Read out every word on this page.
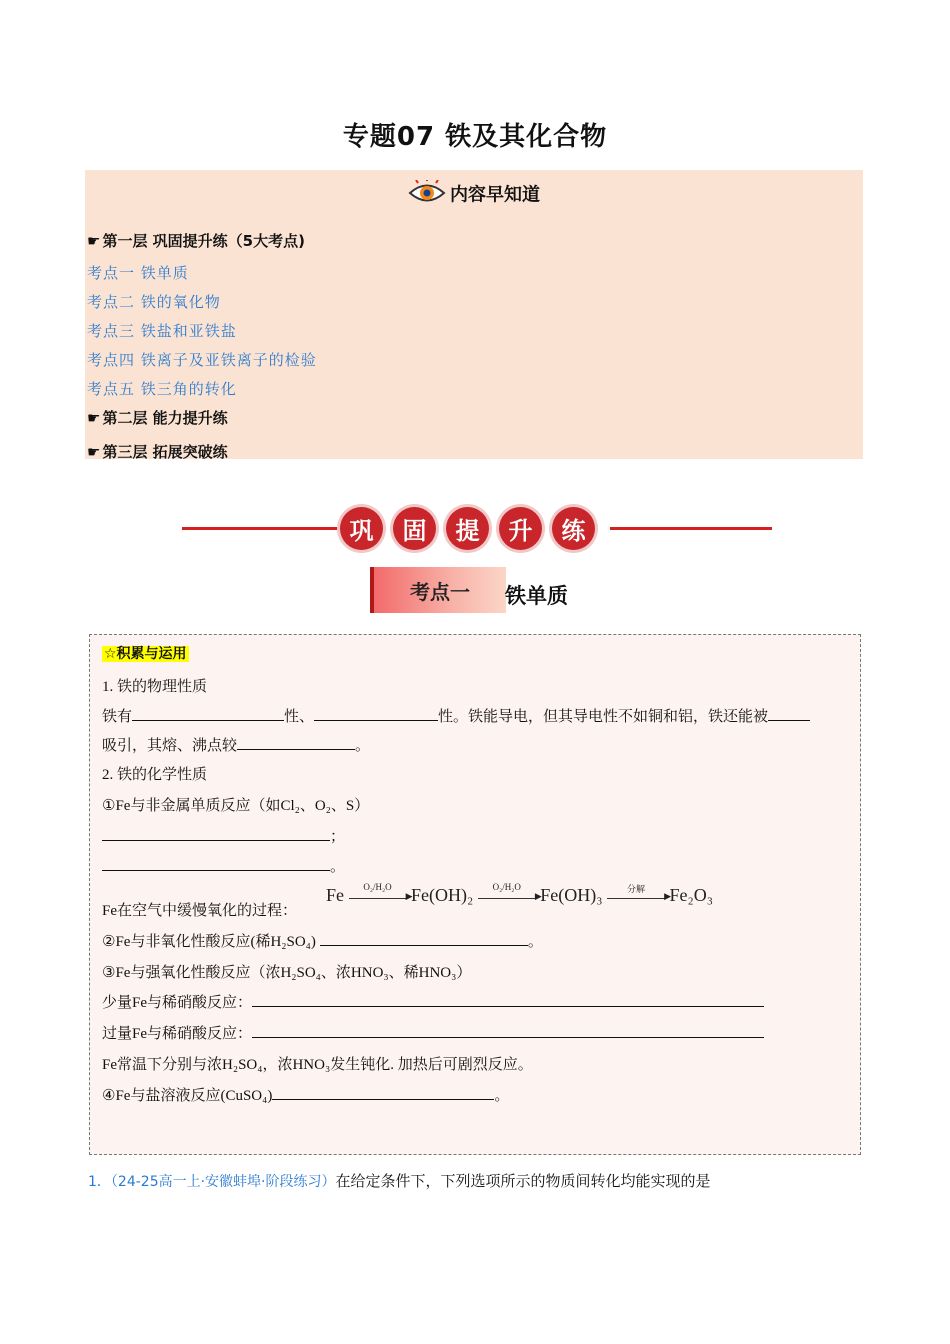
专题07 铁及其化合物
内容早知道
☛ 第一层 巩固提升练（5大考点)
考点一 铁单质
考点二 铁的氧化物
考点三 铁盐和亚铁盐
考点四 铁离子及亚铁离子的检验
考点五 铁三角的转化
☛ 第二层 能力提升练
☛ 第三层 拓展突破练
巩	固	提	升	练
考点一	铁单质
☆积累与运用
1. 铁的物理性质
铁有	性、	性。铁能导电，但其导电性不如铜和铝，铁还能被
吸引，其熔、沸点较	。
2. 铁的化学性质
①Fe与非金属单质反应（如Cl₂、O₂、S）
；
。
Fe在空气中缓慢氧化的过程：
Fe	O₂/H₂O ▶	Fe(OH)₂	O₂/H₂O ▶	Fe(OH)₃	分解 ▶	Fe₂O₃
②Fe与非氧化性酸反应(稀H₂SO₄)	。
③Fe与强氧化性酸反应（浓H₂SO₄、浓HNO₃、稀HNO₃）
少量Fe与稀硝酸反应：
过量Fe与稀硝酸反应：
Fe常温下分别与浓H₂SO₄，浓HNO₃发生钝化. 加热后可剧烈反应。
④Fe与盐溶液反应(CuSO₄)	。
1．（24-25高一上·安徽蚌埠·阶段练习）在给定条件下，下列选项所示的物质间转化均能实现的是
